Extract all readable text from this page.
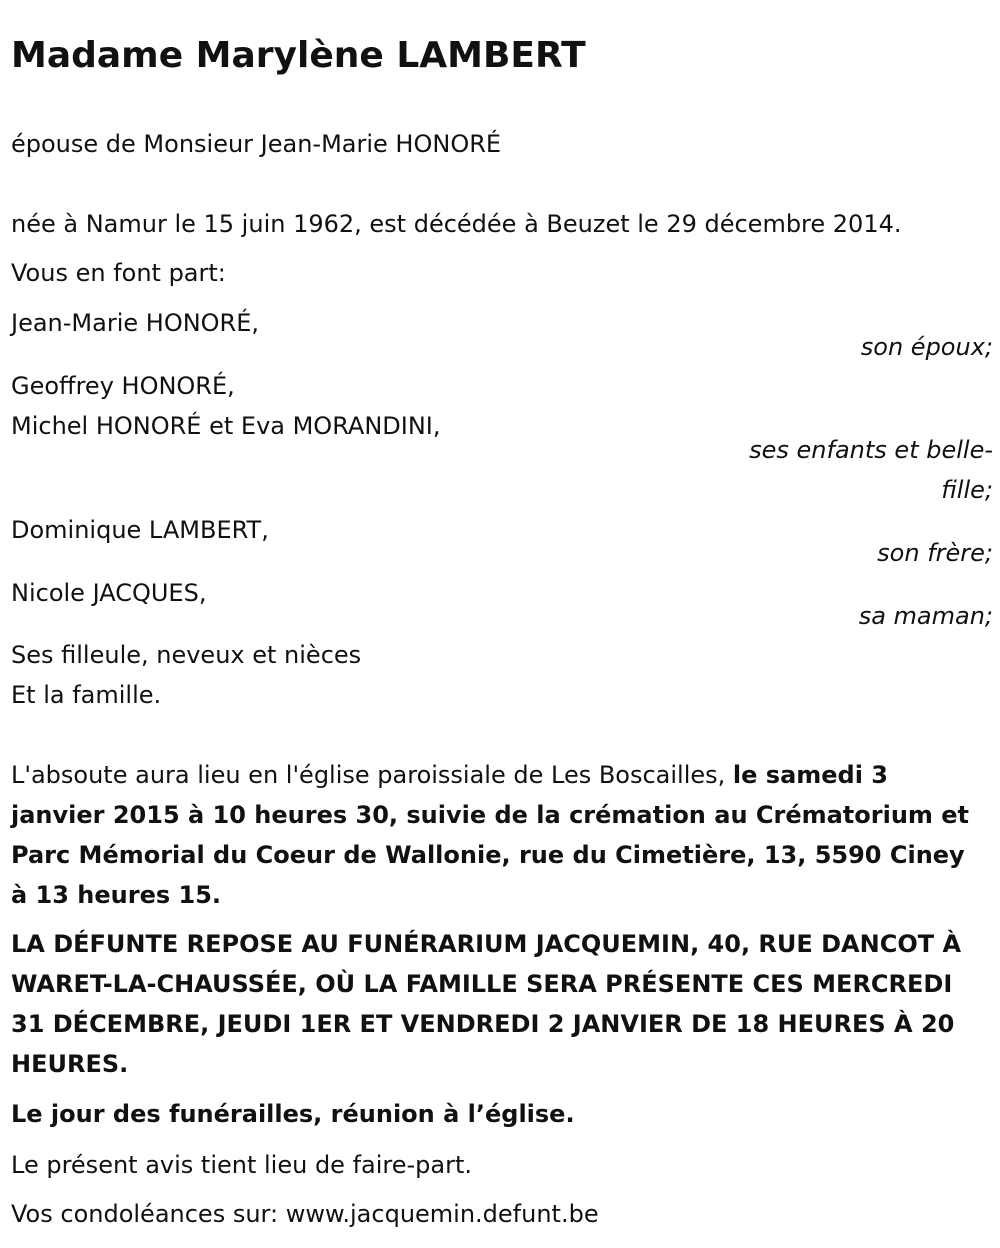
Madame Marylène LAMBERT
épouse de Monsieur Jean-Marie HONORÉ
née à Namur le 15 juin 1962, est décédée à Beuzet le 29 décembre 2014.
Vous en font part:
Jean-Marie HONORÉ,
son époux;
Geoffrey HONORÉ,
Michel HONORÉ et Eva MORANDINI,
ses enfants et belle-fille;
Dominique LAMBERT,
son frère;
Nicole JACQUES,
sa maman;
Ses filleule, neveux et nièces
Et la famille.
L'absoute aura lieu en l'église paroissiale de Les Boscailles, le samedi 3 janvier 2015 à 10 heures 30, suivie de la crémation au Crématorium et Parc Mémorial du Coeur de Wallonie, rue du Cimetière, 13, 5590 Ciney à 13 heures 15.
LA DÉFUNTE REPOSE AU FUNÉRARIUM JACQUEMIN, 40, RUE DANCOT À WARET-LA-CHAUSSÉE, OÙ LA FAMILLE SERA PRÉSENTE CES MERCREDI 31 DÉCEMBRE, JEUDI 1ER ET VENDREDI 2 JANVIER DE 18 HEURES À 20 HEURES.
Le jour des funérailles, réunion à l’église.
Le présent avis tient lieu de faire-part.
Vos condoléances sur: www.jacquemin.defunt.be
